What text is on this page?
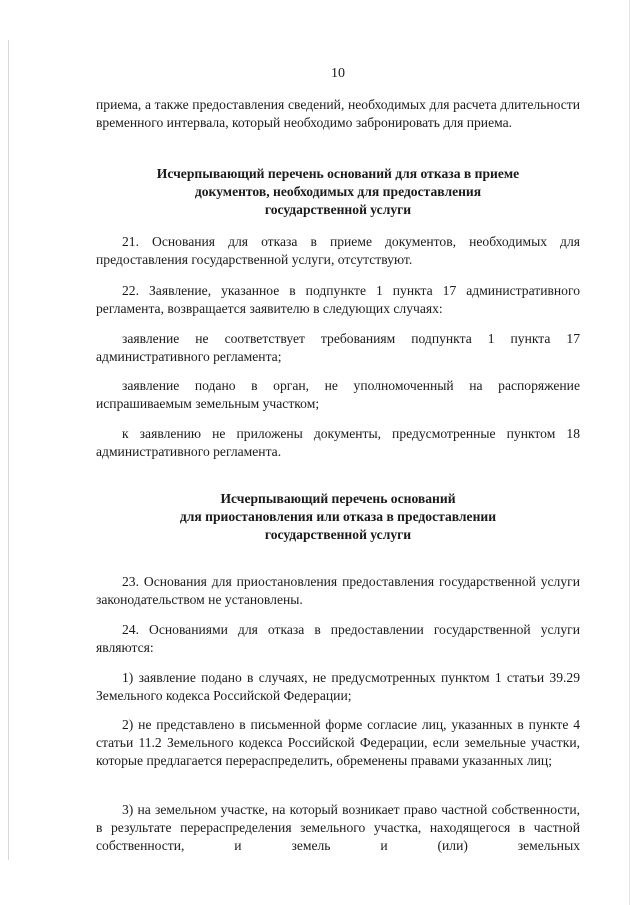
10
приема, а также предоставления сведений, необходимых для расчета длительности временного интервала, который необходимо забронировать для приема.
Исчерпывающий перечень оснований для отказа в приеме
документов, необходимых для предоставления
государственной услуги
21. Основания для отказа в приеме документов, необходимых для предоставления государственной услуги, отсутствуют.
22. Заявление, указанное в подпункте 1 пункта 17 административного регламента, возвращается заявителю в следующих случаях:
заявление не соответствует требованиям подпункта 1 пункта 17 административного регламента;
заявление подано в орган, не уполномоченный на распоряжение испрашиваемым земельным участком;
к заявлению не приложены документы, предусмотренные пунктом 18 административного регламента.
Исчерпывающий перечень оснований
для приостановления или отказа в предоставлении
государственной услуги
23. Основания для приостановления предоставления государственной услуги законодательством не установлены.
24. Основаниями для отказа в предоставлении государственной услуги являются:
1) заявление подано в случаях, не предусмотренных пунктом 1 статьи 39.29 Земельного кодекса Российской Федерации;
2) не представлено в письменной форме согласие лиц, указанных в пункте 4 статьи 11.2 Земельного кодекса Российской Федерации, если земельные участки, которые предлагается перераспределить, обременены правами указанных лиц;
3) на земельном участке, на который возникает право частной собственности, в результате перераспределения земельного участка, находящегося в частной собственности, и земель и (или) земельных
